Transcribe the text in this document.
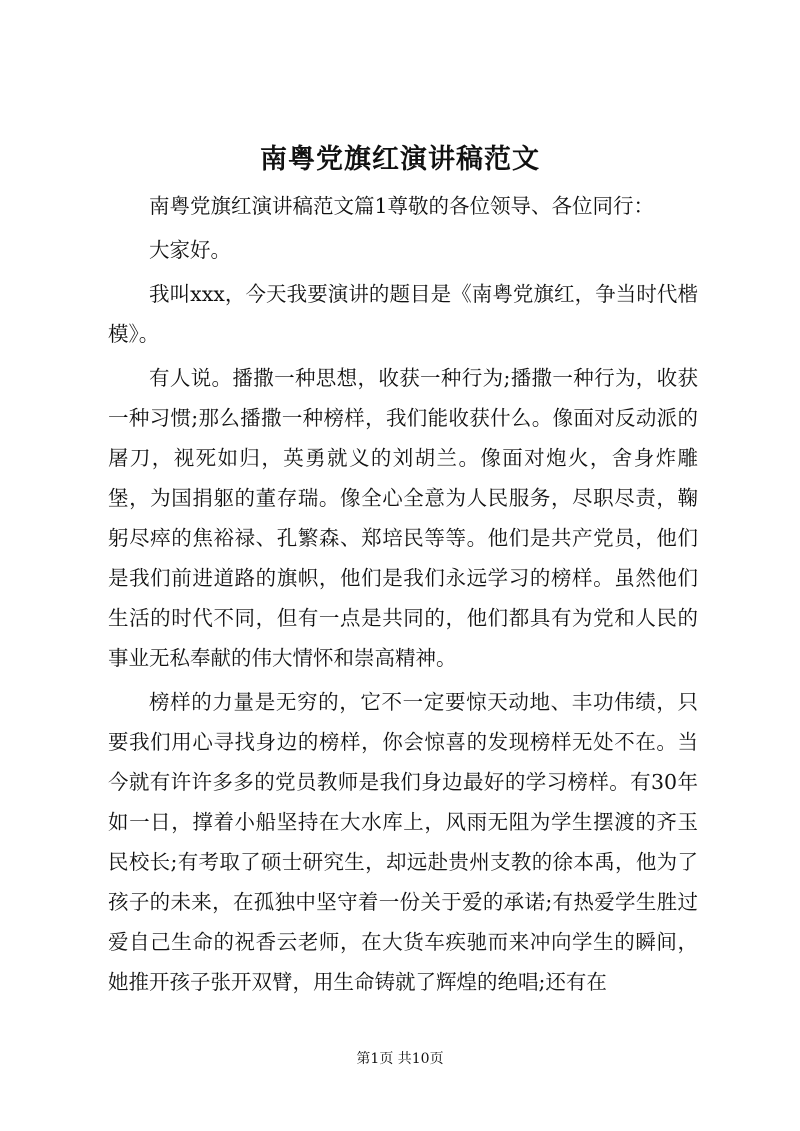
南粤党旗红演讲稿范文

南粤党旗红演讲稿范文篇1尊敬的各位领导、各位同行：

大家好。

我叫xxx，今天我要演讲的题目是《南粤党旗红，争当时代楷模》。

有人说。播撒一种思想，收获一种行为;播撒一种行为，收获一种习惯;那么播撒一种榜样，我们能收获什么。像面对反动派的屠刀，视死如归，英勇就义的刘胡兰。像面对炮火，舍身炸雕堡，为国捐躯的董存瑞。像全心全意为人民服务，尽职尽责，鞠躬尽瘁的焦裕禄、孔繁森、郑培民等等。他们是共产党员，他们是我们前进道路的旗帜，他们是我们永远学习的榜样。虽然他们生活的时代不同，但有一点是共同的，他们都具有为党和人民的事业无私奉献的伟大情怀和崇高精神。

榜样的力量是无穷的，它不一定要惊天动地、丰功伟绩，只要我们用心寻找身边的榜样，你会惊喜的发现榜样无处不在。当今就有许许多多的党员教师是我们身边最好的学习榜样。有30年如一日，撑着小船坚持在大水库上，风雨无阻为学生摆渡的齐玉民校长;有考取了硕士研究生，却远赴贵州支教的徐本禹，他为了孩子的未来，在孤独中坚守着一份关于爱的承诺;有热爱学生胜过爱自己生命的祝香云老师，在大货车疾驰而来冲向学生的瞬间，她推开孩子张开双臂，用生命铸就了辉煌的绝唱;还有在

第1页 共10页
